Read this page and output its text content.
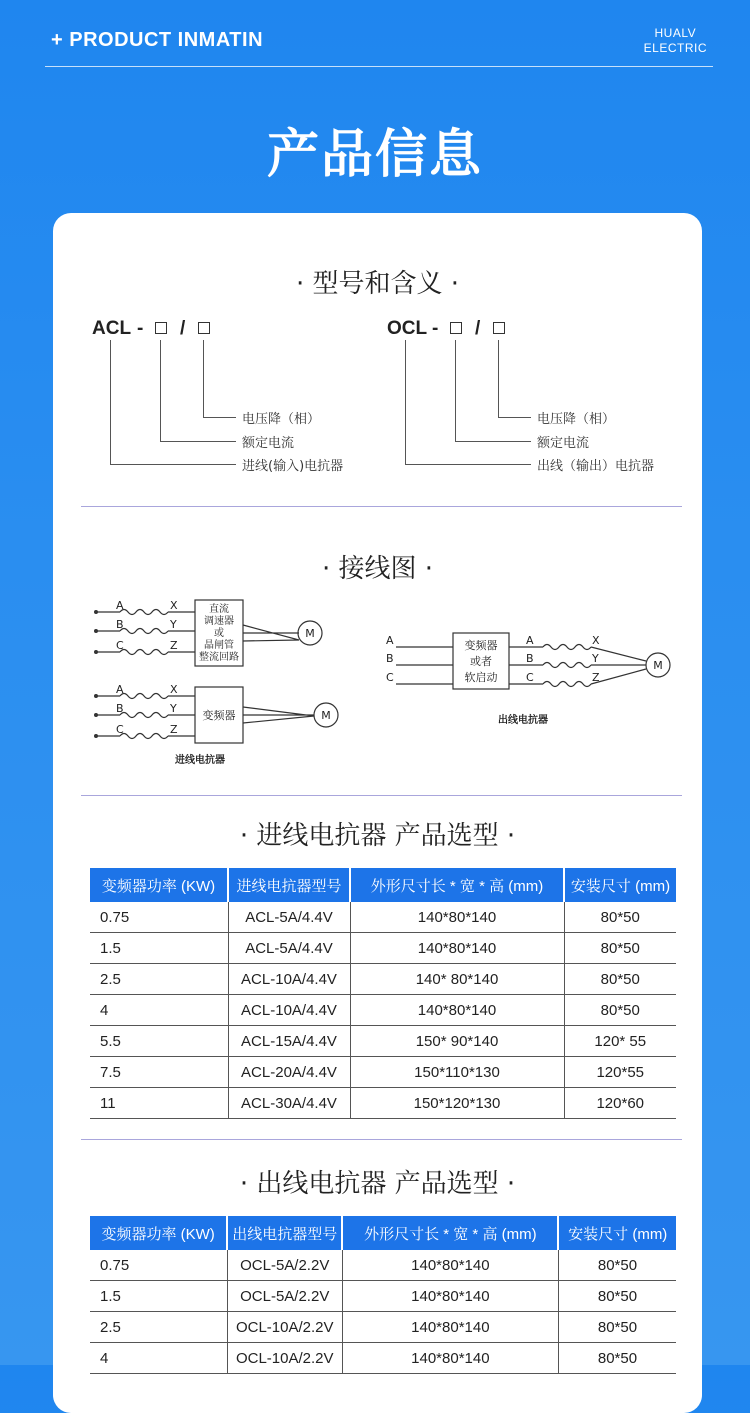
+ PRODUCT INMATIN	HUALV
ELECTRIC
产品信息
· 型号和含义 ·
ACL - /
电压降（相）
额定电流
进线(输入)电抗器
OCL - /
电压降（相）
额定电流
出线（输出）电抗器
· 接线图 ·
A
B
C
X
Y
Z
A
B
C
X
Y
Z
直流
调速器
或
晶闸管
整流回路
变频器
M
M
进线电抗器
A
B
C
A
B
C
X
Y
Z
变频器
或者
软启动
M
出线电抗器
· 进线电抗器 产品选型 ·
变频器功率 (KW)	进线电抗器型号	外形尺寸长 * 宽 * 高 (mm)	安装尺寸 (mm)
0.75	ACL-5A/4.4V	140*80*140	80*50
1.5	ACL-5A/4.4V	140*80*140	80*50
2.5	ACL-10A/4.4V	140* 80*140	80*50
4	ACL-10A/4.4V	140*80*140	80*50
5.5	ACL-15A/4.4V	150* 90*140	120* 55
7.5	ACL-20A/4.4V	150*110*130	120*55
11	ACL-30A/4.4V	150*120*130	120*60
· 出线电抗器 产品选型 ·
变频器功率 (KW)	出线电抗器型号	外形尺寸长 * 宽 * 高 (mm)	安装尺寸 (mm)
0.75	OCL-5A/2.2V	140*80*140	80*50
1.5	OCL-5A/2.2V	140*80*140	80*50
2.5	OCL-10A/2.2V	140*80*140	80*50
4	OCL-10A/2.2V	140*80*140	80*50
